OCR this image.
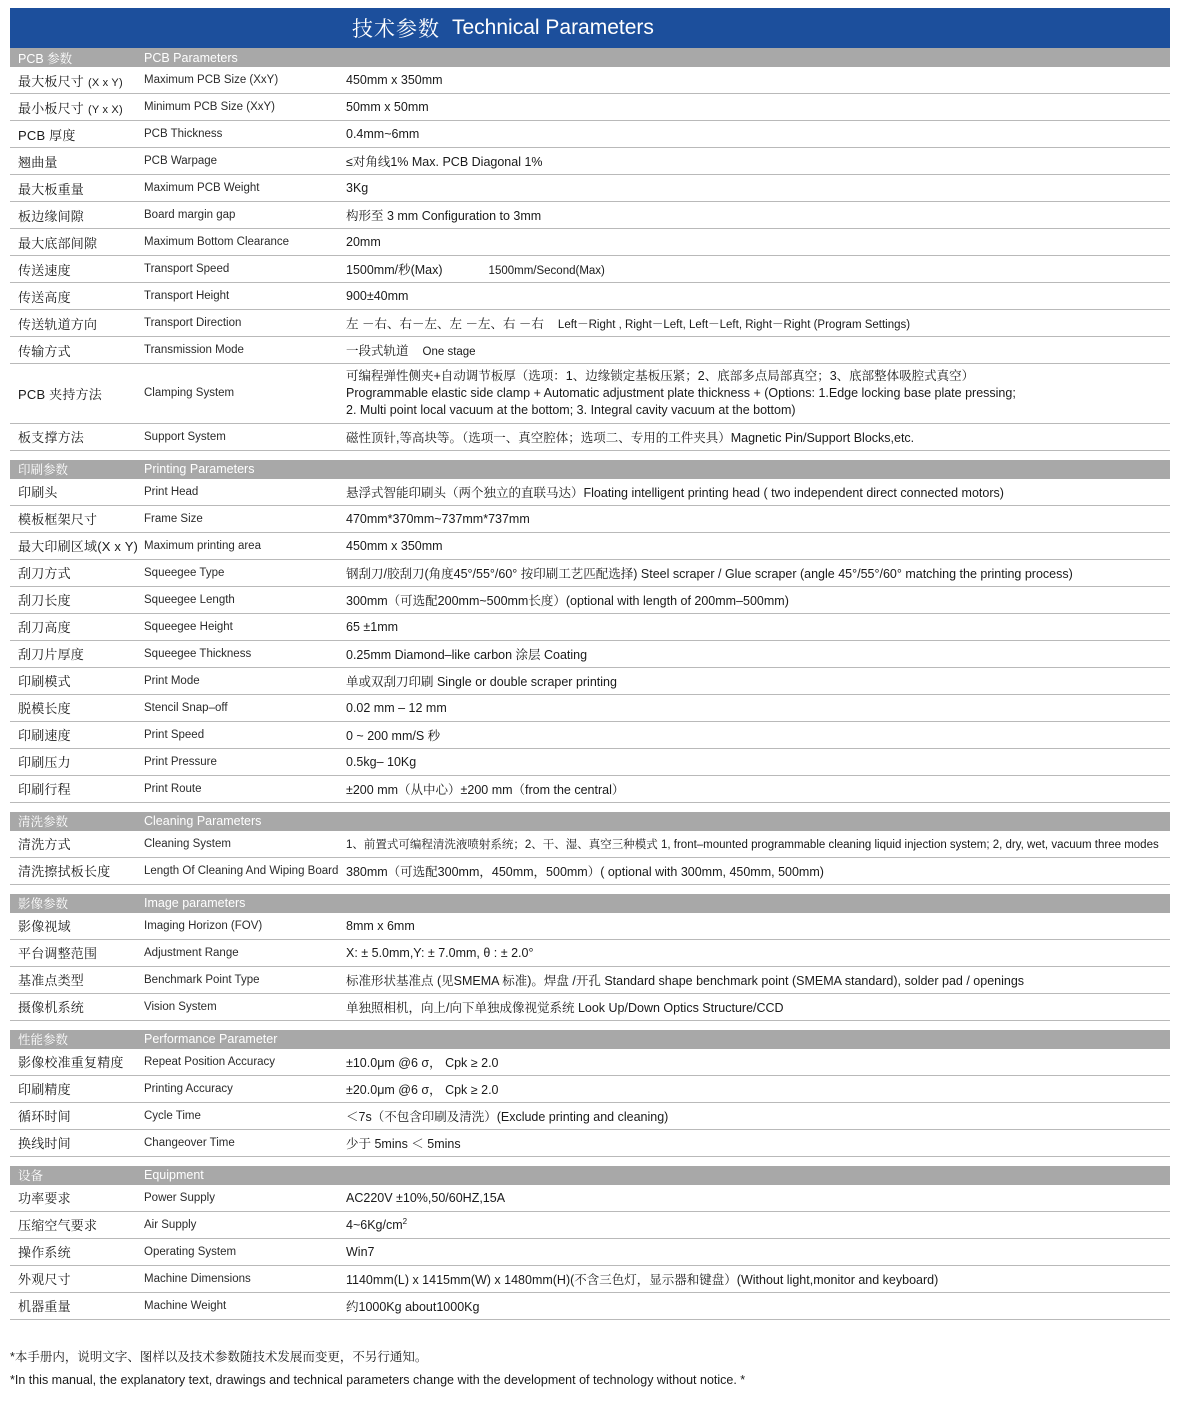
技术参数 Technical Parameters
PCB 参数	PCB Parameters	
最大板尺寸 (X x Y)	Maximum PCB Size (XxY)	450mm x 350mm
最小板尺寸 (Y x X)	Minimum PCB Size (XxY)	50mm x 50mm
PCB 厚度	PCB Thickness	0.4mm~6mm
翘曲量	PCB Warpage	≤对角线1% Max. PCB Diagonal 1%
最大板重量	Maximum PCB Weight	3Kg
板边缘间隙	Board margin gap	构形至 3 mm Configuration to 3mm
最大底部间隙	Maximum Bottom Clearance	20mm
传送速度	Transport Speed	1500mm/秒(Max) 1500mm/Second(Max)
传送高度	Transport Height	900±40mm
传送轨道方向	Transport Direction	左 －右、右－左、左 －左、右 －右 Left－Right , Right－Left, Left－Left, Right－Right (Program Settings)
传输方式	Transmission Mode	一段式轨道 One stage
PCB 夹持方法	Clamping System	可编程弹性侧夹+自动调节板厚（选项：1、边缘锁定基板压紧；2、底部多点局部真空；3、底部整体吸腔式真空）
Programmable elastic side clamp + Automatic adjustment plate thickness + (Options: 1.Edge locking base plate pressing;
2. Multi point local vacuum at the bottom; 3. Integral cavity vacuum at the bottom)

板支撑方法	Support System	磁性顶针,等高块等。（选项一、真空腔体；选项二、专用的工件夹具）Magnetic Pin/Support Blocks,etc.

印刷参数	Printing Parameters	
印刷头	Print Head	悬浮式智能印刷头（两个独立的直联马达）Floating intelligent printing head ( two independent direct connected motors)
模板框架尺寸	Frame Size	470mm*370mm~737mm*737mm
最大印刷区域(X x Y)	Maximum printing area	450mm x 350mm
刮刀方式	Squeegee Type	钢刮刀/胶刮刀(角度45°/55°/60° 按印刷工艺匹配选择) Steel scraper / Glue scraper (angle 45°/55°/60° matching the printing process)
刮刀长度	Squeegee Length	300mm（可选配200mm~500mm长度）(optional with length of 200mm–500mm)
刮刀高度	Squeegee Height	65 ±1mm
刮刀片厚度	Squeegee Thickness	0.25mm Diamond–like carbon 涂层 Coating
印刷模式	Print Mode	单或双刮刀印刷 Single or double scraper printing
脱模长度	Stencil Snap–off	0.02 mm – 12 mm
印刷速度	Print Speed	0 ~ 200 mm/S 秒
印刷压力	Print Pressure	0.5kg– 10Kg
印刷行程	Print Route	±200 mm（从中心）±200 mm（from the central）

清洗参数	Cleaning Parameters	
清洗方式	Cleaning System	1、前置式可编程清洗液喷射系统；2、干、湿、真空三种模式 1, front–mounted programmable cleaning liquid injection system; 2, dry, wet, vacuum three modes
清洗擦拭板长度	Length Of Cleaning And Wiping Board	380mm（可选配300mm，450mm，500mm）( optional with 300mm, 450mm, 500mm)

影像参数	Image parameters	
影像视域	Imaging Horizon (FOV)	8mm x 6mm
平台调整范围	Adjustment Range	X: ± 5.0mm,Y: ± 7.0mm, θ : ± 2.0°
基准点类型	Benchmark Point Type	标准形状基准点 (见SMEMA 标准)。焊盘 /开孔 Standard shape benchmark point (SMEMA standard), solder pad / openings
摄像机系统	Vision System	单独照相机，向上/向下单独成像视觉系统 Look Up/Down Optics Structure/CCD

性能参数	Performance Parameter	
影像校准重复精度	Repeat Position Accuracy	±10.0μm @6 σ， Cpk ≥ 2.0
印刷精度	Printing Accuracy	±20.0μm @6 σ， Cpk ≥ 2.0
循环时间	Cycle Time	＜7s（不包含印刷及清洗）(Exclude printing and cleaning)
换线时间	Changeover Time	少于 5mins ＜ 5mins

设备	Equipment	
功率要求	Power Supply	AC220V ±10%,50/60HZ,15A
压缩空气要求	Air Supply	$4\sim 6Kg/cm^2$
操作系统	Operating System	Win7
外观尺寸	Machine Dimensions	1140mm(L) x 1415mm(W) x 1480mm(H)(不含三色灯，显示器和键盘）(Without light,monitor and keyboard)
机器重量	Machine Weight	约1000Kg about1000Kg
*本手册内，说明文字、图样以及技术参数随技术发展而变更，不另行通知。
*In this manual, the explanatory text, drawings and technical parameters change with the development of technology without notice. *
